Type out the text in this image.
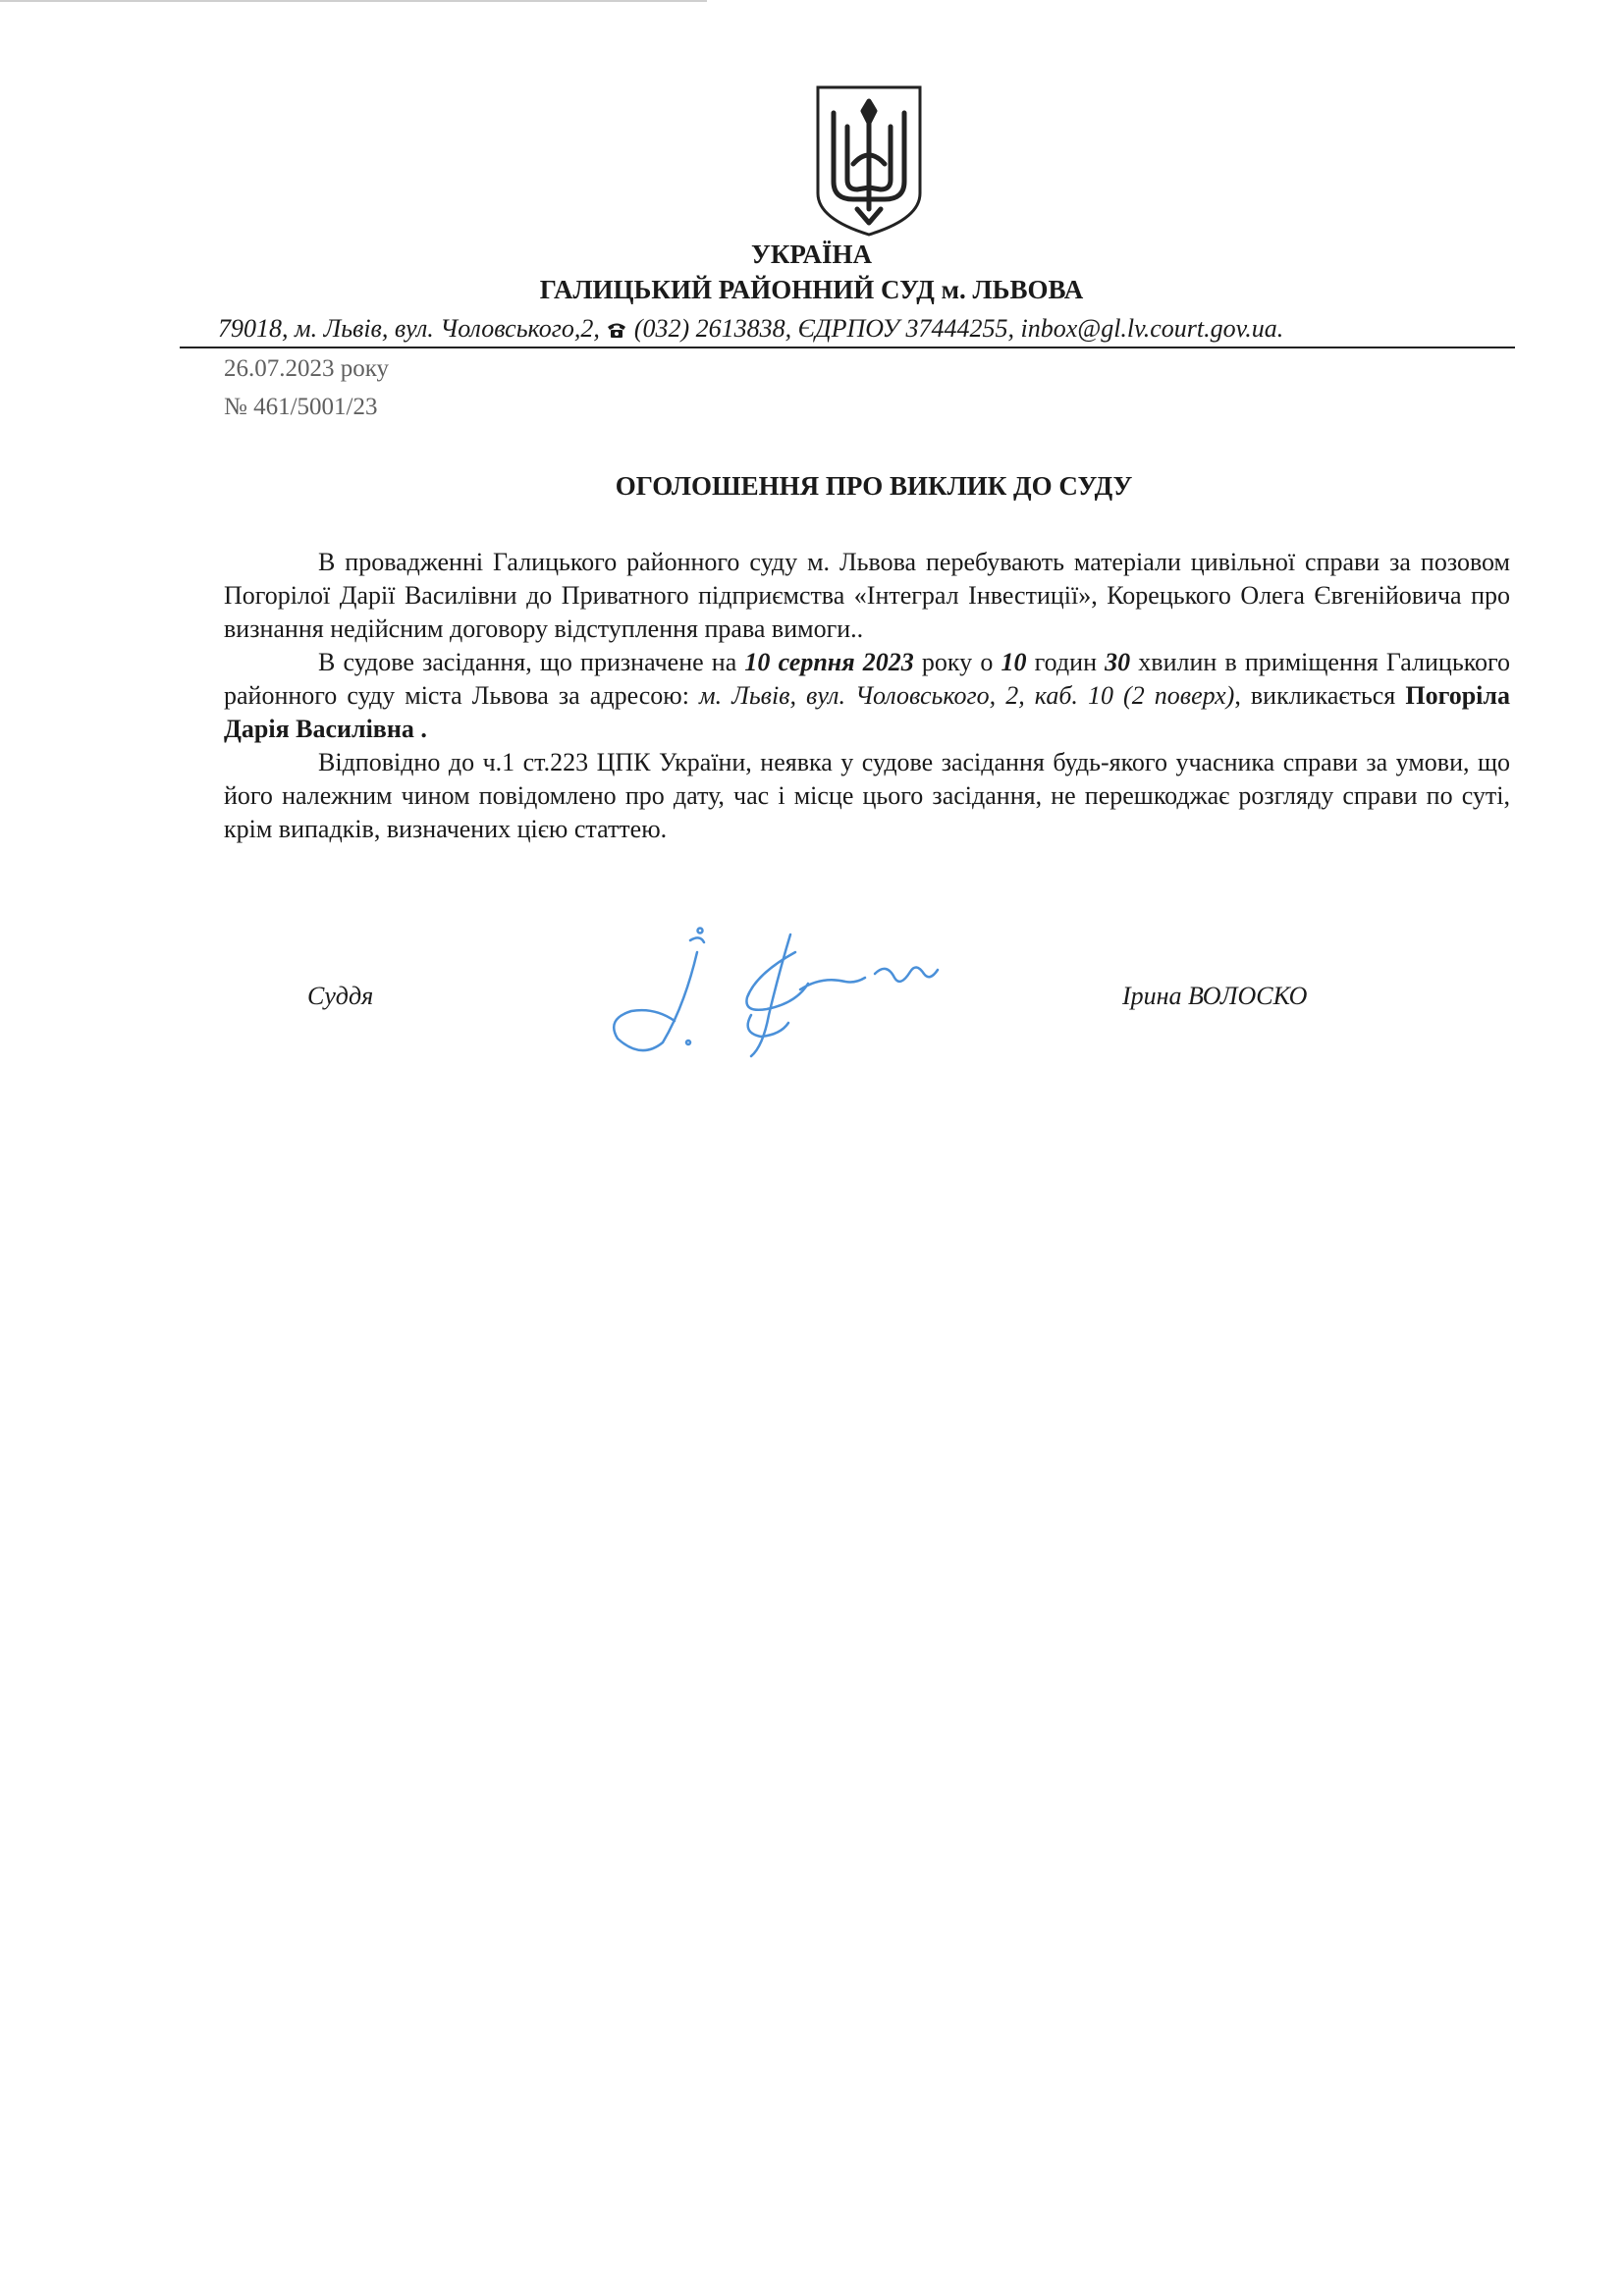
УКРАЇНА
ГАЛИЦЬКИЙ РАЙОННИЙ СУД м. ЛЬВОВА
79018, м. Львів, вул. Чоловського,2,  (032) 2613838, ЄДРПОУ 37444255, inbox@gl.lv.court.gov.ua.
26.07.2023 року
№ 461/5001/23
ОГОЛОШЕННЯ ПРО ВИКЛИК ДО СУДУ

В провадженні Галицького районного суду м. Львова перебувають матеріали цивільної справи за позовом Погорілої Дарії Василівни до Приватного підприємства «Інтеграл Інвестиції», Корецького Олега Євгенійовича про визнання недійсним договору відступлення права вимоги..

В судове засідання, що призначене на 10 серпня 2023 року о 10 годин 30 хвилин в приміщення Галицького районного суду міста Львова за адресою: м. Львів, вул. Чоловського, 2, каб. 10 (2 поверх), викликається Погоріла Дарія Василівна .

Відповідно до ч.1 ст.223 ЦПК України, неявка у судове засідання будь-якого учасника справи за умови, що його належним чином повідомлено про дату, час і місце цього засідання, не перешкоджає розгляду справи по суті, крім випадків, визначених цією статтею.

Суддя	Ірина ВОЛОСКО
